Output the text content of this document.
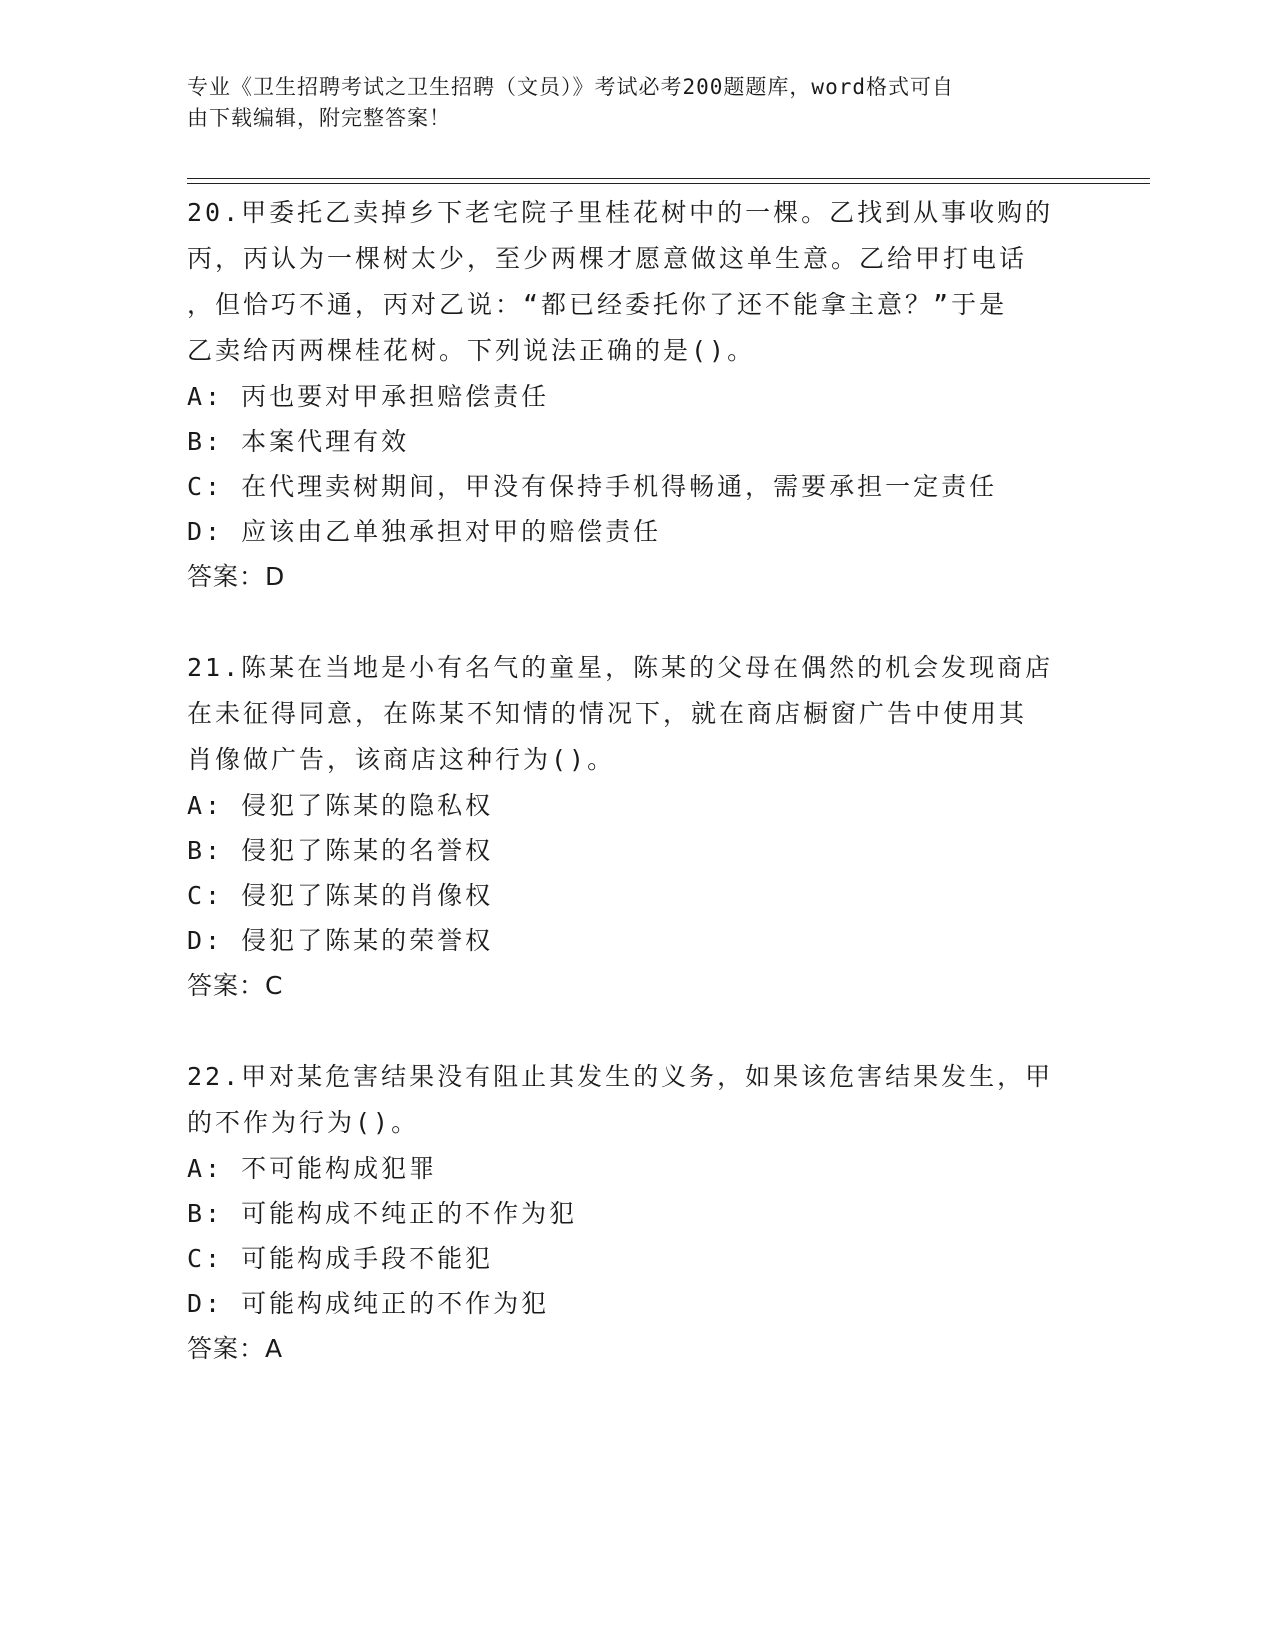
专业《卫生招聘考试之卫生招聘（文员）》考试必考200题题库，word格式可自
由下载编辑，附完整答案！
20.甲委托乙卖掉乡下老宅院子里桂花树中的一棵。乙找到从事收购的
丙，丙认为一棵树太少，至少两棵才愿意做这单生意。乙给甲打电话
，但恰巧不通，丙对乙说：“都已经委托你了还不能拿主意？”于是
乙卖给丙两棵桂花树。下列说法正确的是()。
A: 丙也要对甲承担赔偿责任
B: 本案代理有效
C: 在代理卖树期间，甲没有保持手机得畅通，需要承担一定责任
D: 应该由乙单独承担对甲的赔偿责任
答案：D
21.陈某在当地是小有名气的童星，陈某的父母在偶然的机会发现商店
在未征得同意，在陈某不知情的情况下，就在商店橱窗广告中使用其
肖像做广告，该商店这种行为()。
A: 侵犯了陈某的隐私权
B: 侵犯了陈某的名誉权
C: 侵犯了陈某的肖像权
D: 侵犯了陈某的荣誉权
答案：C
22.甲对某危害结果没有阻止其发生的义务，如果该危害结果发生，甲
的不作为行为()。
A: 不可能构成犯罪
B: 可能构成不纯正的不作为犯
C: 可能构成手段不能犯
D: 可能构成纯正的不作为犯
答案：A
